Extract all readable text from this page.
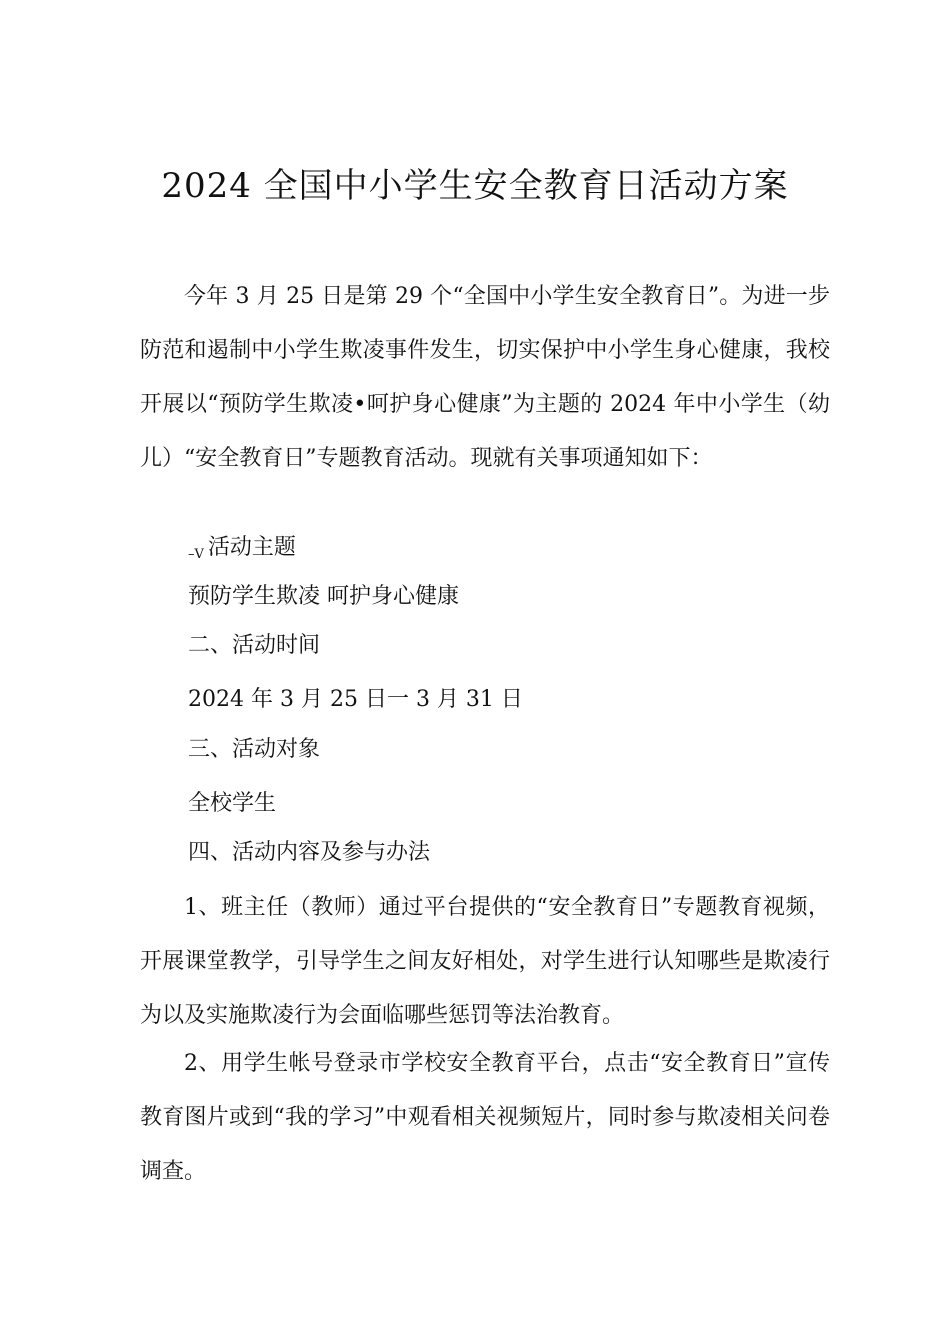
2024 全国中小学生安全教育日活动方案

今年 3 月 25 日是第 29 个“全国中小学生安全教育日”。为进一步防范和遏制中小学生欺凌事件发生，切实保护中小学生身心健康，我校开展以“预防学生欺凌•呵护身心健康”为主题的 2024 年中小学生（幼儿）“安全教育日”专题教育活动。现就有关事项通知如下：

–V 活动主题
预防学生欺凌 呵护身心健康
二、活动时间
2024 年 3 月 25 日一 3 月 31 日
三、活动对象
全校学生
四、活动内容及参与办法

1、班主任（教师）通过平台提供的“安全教育日”专题教育视频，开展课堂教学，引导学生之间友好相处，对学生进行认知哪些是欺凌行为以及实施欺凌行为会面临哪些惩罚等法治教育。

2、用学生帐号登录市学校安全教育平台，点击“安全教育日”宣传教育图片或到“我的学习”中观看相关视频短片，同时参与欺凌相关问卷调查。
